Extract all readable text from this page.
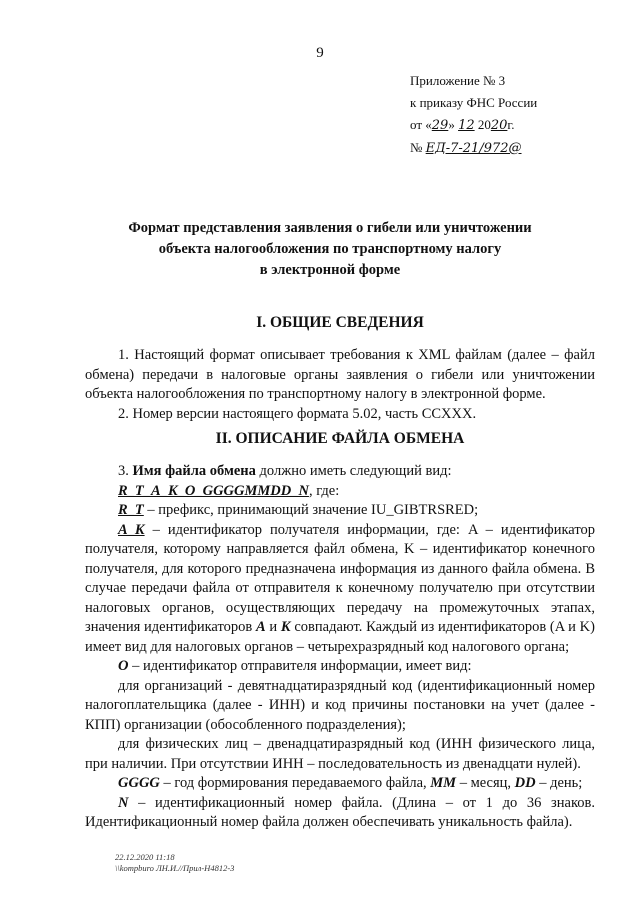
9
Приложение № 3
к приказу ФНС России
от «29» 12 2020г.
№ ЕД-7-21/972@
Формат представления заявления о гибели или уничтожении
объекта налогообложения по транспортному налогу
в электронной форме
I. ОБЩИЕ СВЕДЕНИЯ

1. Настоящий формат описывает требования к XML файлам (далее – файл обмена) передачи в налоговые органы заявления о гибели или уничтожении объекта налогообложения по транспортному налогу в электронной форме.

2. Номер версии настоящего формата 5.02, часть CCXXX.

II. ОПИСАНИЕ ФАЙЛА ОБМЕНА

3. Имя файла обмена должно иметь следующий вид:

R_T_A_K_O_GGGGMMDD_N, где:

R_T – префикс, принимающий значение IU_GIBTRSRED;

A_K – идентификатор получателя информации, где: A – идентификатор получателя, которому направляется файл обмена, K – идентификатор конечного получателя, для которого предназначена информация из данного файла обмена. В случае передачи файла от отправителя к конечному получателю при отсутствии налоговых органов, осуществляющих передачу на промежуточных этапах, значения идентификаторов A и K совпадают. Каждый из идентификаторов (A и K) имеет вид для налоговых органов – четырехразрядный код налогового органа;

O – идентификатор отправителя информации, имеет вид:

для организаций - девятнадцатиразрядный код (идентификационный номер налогоплательщика (далее - ИНН) и код причины постановки на учет (далее - КПП) организации (обособленного подразделения);

для физических лиц – двенадцатиразрядный код (ИНН физического лица, при наличии. При отсутствии ИНН – последовательность из двенадцати нулей).

GGGG – год формирования передаваемого файла, MM – месяц, DD – день;

N – идентификационный номер файла. (Длина – от 1 до 36 знаков. Идентификационный номер файла должен обеспечивать уникальность файла).

22.12.2020 11:18
\\kompburo ЛН.И.//Прил-Н4812-3
